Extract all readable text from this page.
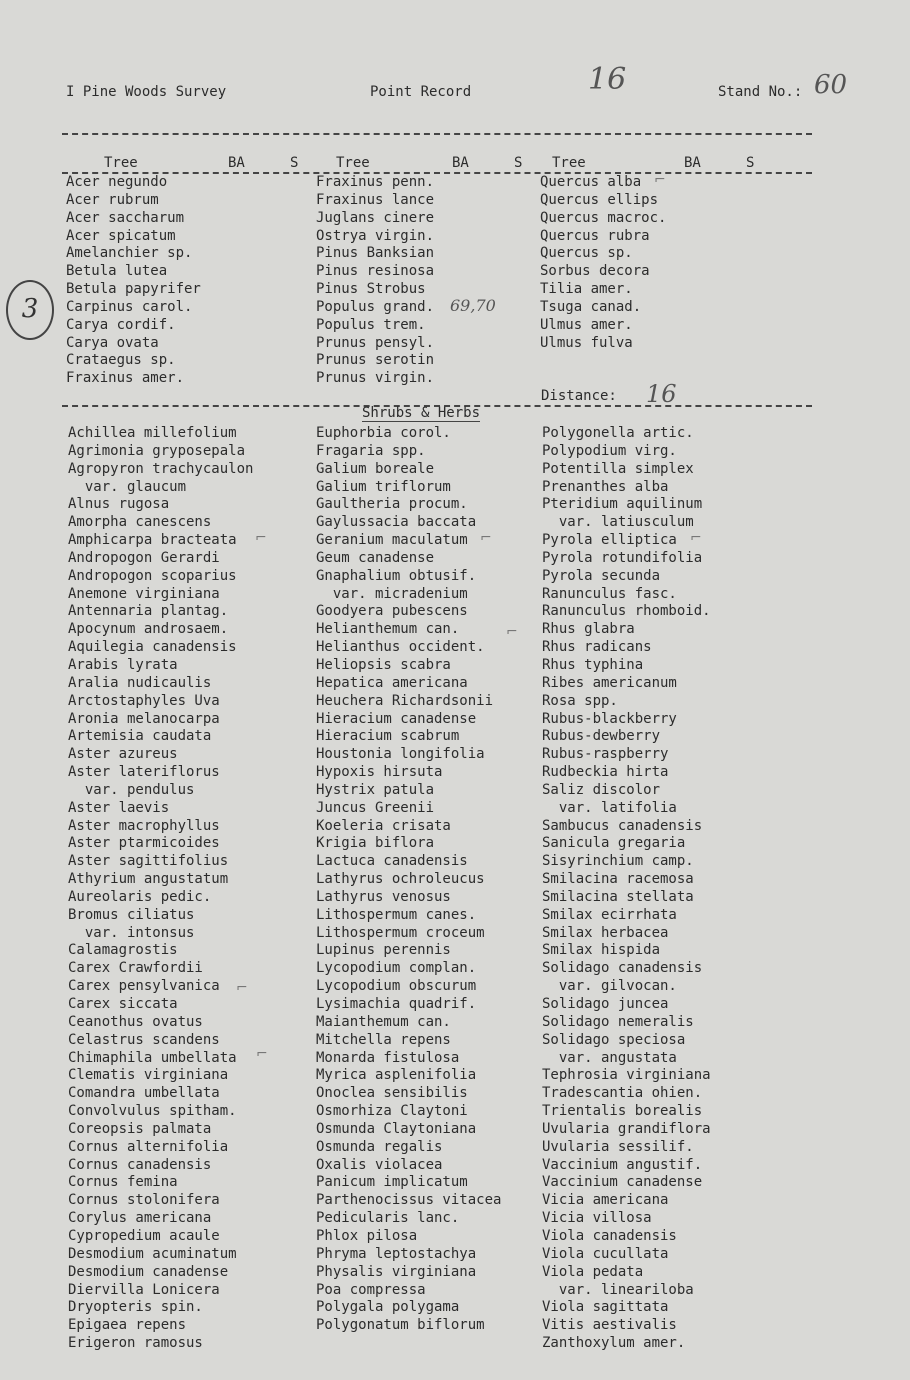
I Pine Woods Survey	Point Record	16	Stand No.: 60
Tree	BA	S	Tree	BA	S Tree	BA	S
Acer negundo
Acer rubrum
Acer saccharum
Acer spicatum
Amelanchier sp.
Betula lutea
Betula papyrifer
Carpinus carol.
Carya cordif.
Carya ovata
Crataegus sp.
Fraxinus amer.
Fraxinus penn.
Fraxinus lance
Juglans cinere
Ostrya virgin.
Pinus Banksian
Pinus resinosa
Pinus Strobus
Populus grand.
Populus trem.
Prunus pensyl.
Prunus serotin
Prunus virgin.
Quercus alba
Quercus ellips
Quercus macroc.
Quercus rubra
Quercus sp.
Sorbus decora
Tilia amer.
Tsuga canad.
Ulmus amer.
Ulmus fulva
3	69,70
Distance: 16
Shrubs & Herbs
Achillea millefolium
Agrimonia gryposepala
Agropyron trachycaulon
var. glaucum
Alnus rugosa
Amorpha canescens
Amphicarpa bracteata
Andropogon Gerardi
Andropogon scoparius
Anemone virginiana
Antennaria plantag.
Apocynum androsaem.
Aquilegia canadensis
Arabis lyrata
Aralia nudicaulis
Arctostaphyles Uva
Aronia melanocarpa
Artemisia caudata
Aster azureus
Aster lateriflorus
var. pendulus
Aster laevis
Aster macrophyllus
Aster ptarmicoides
Aster sagittifolius
Athyrium angustatum
Aureolaris pedic.
Bromus ciliatus
var. intonsus
Calamagrostis
Carex Crawfordii
Carex pensylvanica
Carex siccata
Ceanothus ovatus
Celastrus scandens
Chimaphila umbellata
Clematis virginiana
Comandra umbellata
Convolvulus spitham.
Coreopsis palmata
Cornus alternifolia
Cornus canadensis
Cornus femina
Cornus stolonifera
Corylus americana
Cypropedium acaule
Desmodium acuminatum
Desmodium canadense
Diervilla Lonicera
Dryopteris spin.
Epigaea repens
Erigeron ramosus
Euphorbia corol.
Fragaria spp.
Galium boreale
Galium triflorum
Gaultheria procum.
Gaylussacia baccata
Geranium maculatum
Geum canadense
Gnaphalium obtusif.
var. micradenium
Goodyera pubescens
Helianthemum can.
Helianthus occident.
Heliopsis scabra
Hepatica americana
Heuchera Richardsonii
Hieracium canadense
Hieracium scabrum
Houstonia longifolia
Hypoxis hirsuta
Hystrix patula
Juncus Greenii
Koeleria crisata
Krigia biflora
Lactuca canadensis
Lathyrus ochroleucus
Lathyrus venosus
Lithospermum canes.
Lithospermum croceum
Lupinus perennis
Lycopodium complan.
Lycopodium obscurum
Lysimachia quadrif.
Maianthemum can.
Mitchella repens
Monarda fistulosa
Myrica asplenifolia
Onoclea sensibilis
Osmorhiza Claytoni
Osmunda Claytoniana
Osmunda regalis
Oxalis violacea
Panicum implicatum
Parthenocissus vitacea
Pedicularis lanc.
Phlox pilosa
Phryma leptostachya
Physalis virginiana
Poa compressa
Polygala polygama
Polygonatum biflorum
Polygonella artic.
Polypodium virg.
Potentilla simplex
Prenanthes alba
Pteridium aquilinum
var. latiusculum
Pyrola elliptica
Pyrola rotundifolia
Pyrola secunda
Ranunculus fasc.
Ranunculus rhomboid.
Rhus glabra
Rhus radicans
Rhus typhina
Ribes americanum
Rosa spp.
Rubus-blackberry
Rubus-dewberry
Rubus-raspberry
Rudbeckia hirta
Saliz discolor
var. latifolia
Sambucus canadensis
Sanicula gregaria
Sisyrinchium camp.
Smilacina racemosa
Smilacina stellata
Smilax ecirrhata
Smilax herbacea
Smilax hispida
Solidago canadensis
var. gilvocan.
Solidago juncea
Solidago nemeralis
Solidago speciosa
var. angustata
Tephrosia virginiana
Tradescantia ohien.
Trientalis borealis
Uvularia grandiflora
Uvularia sessilif.
Vaccinium angustif.
Vaccinium canadense
Vicia americana
Vicia villosa
Viola canadensis
Viola cucullata
Viola pedata
var. lineariloba
Viola sagittata
Vitis aestivalis
Zanthoxylum amer.
⌐
⌐	⌐	⌐
⌐
⌐
⌐
